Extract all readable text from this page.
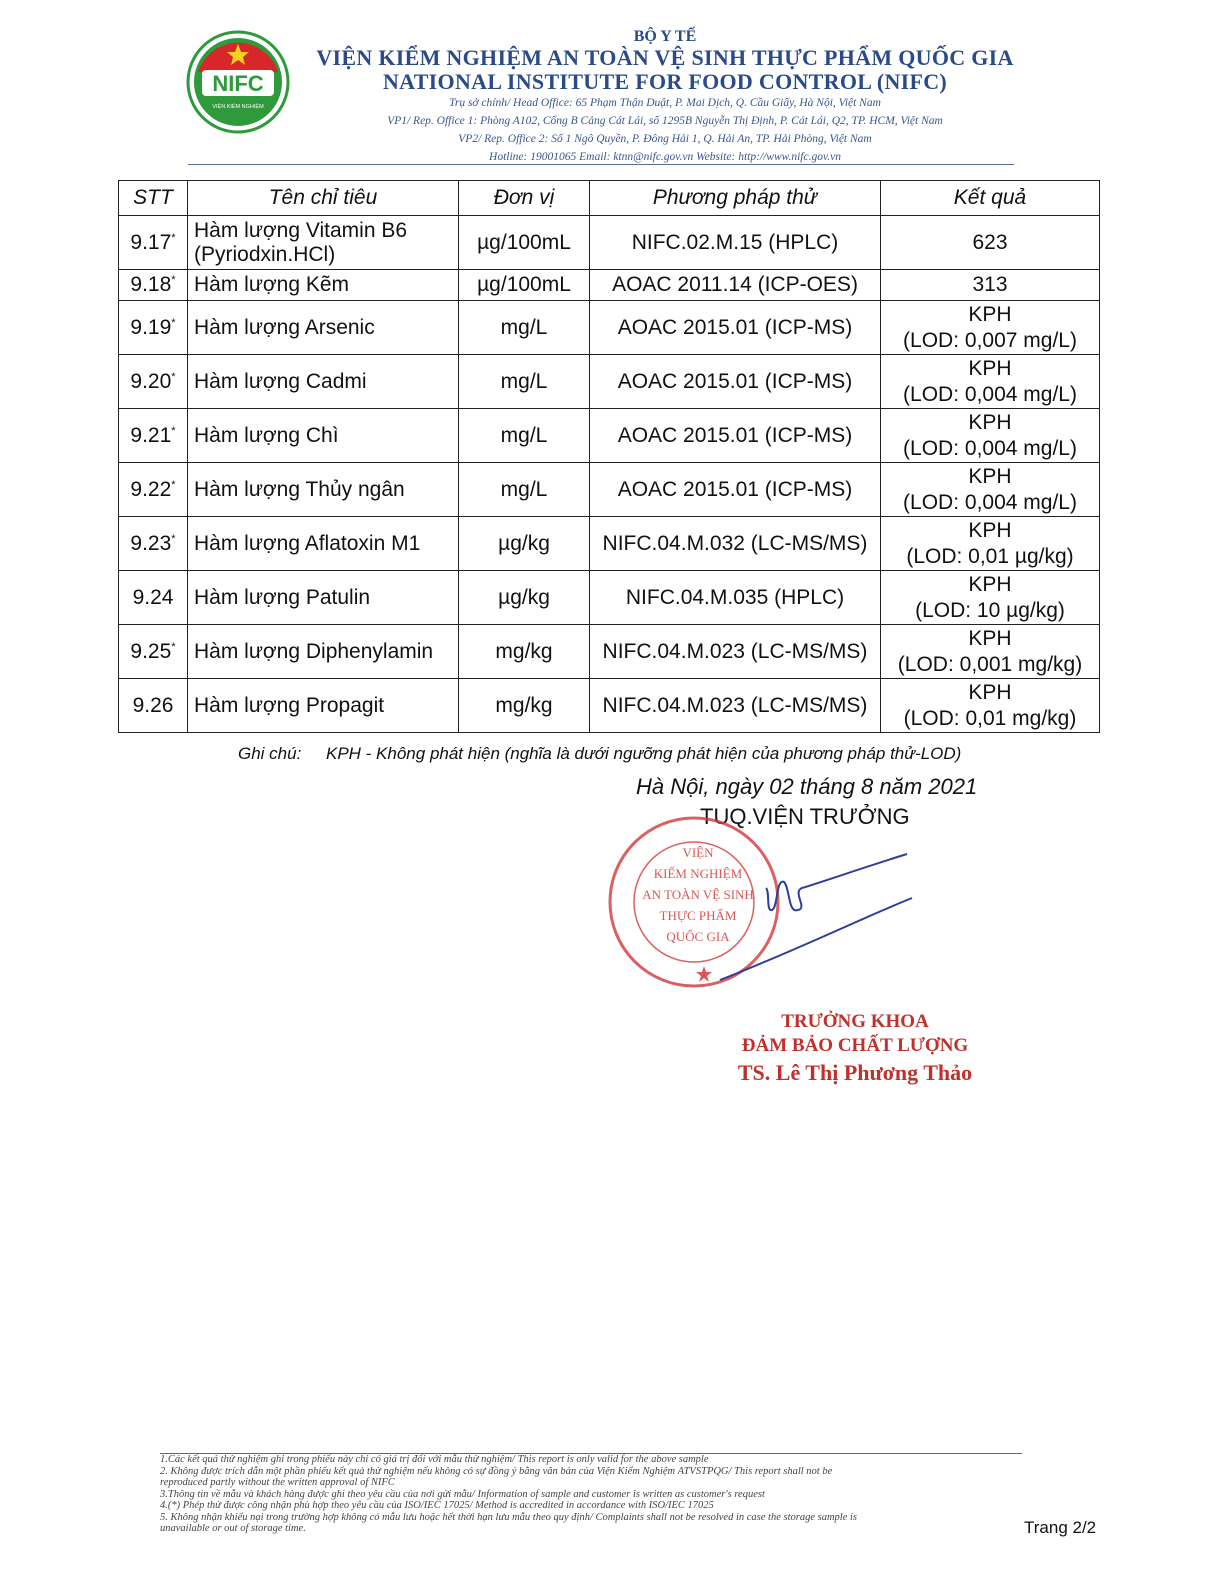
NIFC
VIỆN KIỂM NGHIỆM
BỘ Y TẾ
VIỆN KIỂM NGHIỆM AN TOÀN VỆ SINH THỰC PHẨM QUỐC GIA
NATIONAL INSTITUTE FOR FOOD CONTROL (NIFC)
Trụ sở chính/ Head Office: 65 Phạm Thận Duật, P. Mai Dịch, Q. Cầu Giấy, Hà Nội, Việt Nam
VP1/ Rep. Office 1: Phòng A102, Cổng B Cảng Cát Lái, số 1295B Nguyễn Thị Định, P. Cát Lái, Q2, TP. HCM, Việt Nam
VP2/ Rep. Office 2: Số 1 Ngô Quyền, P. Đông Hải 1, Q. Hải An, TP. Hải Phòng, Việt Nam
Hotline: 19001065 Email: ktnn@nifc.gov.vn Website: http://www.nifc.gov.vn
STT	Tên chỉ tiêu	Đơn vị	Phương pháp thử	Kết quả
9.17*	Hàm lượng Vitamin B6 (Pyriodxin.HCl)	µg/100mL	NIFC.02.M.15 (HPLC)	623

9.18*	Hàm lượng Kẽm	µg/100mL	AOAC 2011.14 (ICP-OES)	313

9.19*	Hàm lượng Arsenic	mg/L	AOAC 2015.01 (ICP-MS)	KPH
(LOD: 0,007 mg/L)

9.20*	Hàm lượng Cadmi	mg/L	AOAC 2015.01 (ICP-MS)	KPH
(LOD: 0,004 mg/L)

9.21*	Hàm lượng Chì	mg/L	AOAC 2015.01 (ICP-MS)	KPH
(LOD: 0,004 mg/L)

9.22*	Hàm lượng Thủy ngân	mg/L	AOAC 2015.01 (ICP-MS)	KPH
(LOD: 0,004 mg/L)

9.23*	Hàm lượng Aflatoxin M1	µg/kg	NIFC.04.M.032 (LC-MS/MS)	KPH
(LOD: 0,01 µg/kg)

9.24	Hàm lượng Patulin	µg/kg	NIFC.04.M.035 (HPLC)	KPH
(LOD: 10 µg/kg)

9.25*	Hàm lượng Diphenylamin	mg/kg	NIFC.04.M.023 (LC-MS/MS)	KPH
(LOD: 0,001 mg/kg)

9.26	Hàm lượng Propagit	mg/kg	NIFC.04.M.023 (LC-MS/MS)	KPH
(LOD: 0,01 mg/kg)
Ghi chú: KPH - Không phát hiện (nghĩa là dưới ngưỡng phát hiện của phương pháp thử-LOD)
Hà Nội, ngày 02 tháng 8 năm 2021
TUQ.VIỆN TRƯỞNG
VIỆN
KIỂM NGHIỆM
AN TOÀN VỆ SINH
THỰC PHẨM
QUỐC GIA
TRƯỞNG KHOA
ĐẢM BẢO CHẤT LƯỢNG
TS. Lê Thị Phương Thảo
1.Các kết quả thử nghiệm ghi trong phiếu này chỉ có giá trị đối với mẫu thử nghiệm/ This report is only valid for the above sample
2. Không được trích dẫn một phần phiếu kết quả thử nghiệm nếu không có sự đồng ý bằng văn bản của Viện Kiểm Nghiệm ATVSTPQG/ This report shall not be
reproduced partly without the written approval of NIFC
3.Thông tin về mẫu và khách hàng được ghi theo yêu cầu của nơi gửi mẫu/ Information of sample and customer is written as customer's request
4.(*) Phép thử được công nhận phù hợp theo yêu cầu của ISO/IEC 17025/ Method is accredited in accordance with ISO/IEC 17025
5. Không nhận khiếu nại trong trường hợp không có mẫu lưu hoặc hết thời hạn lưu mẫu theo quy định/ Complaints shall not be resolved in case the storage sample is
unavailable or out of storage time.	Trang 2/2
